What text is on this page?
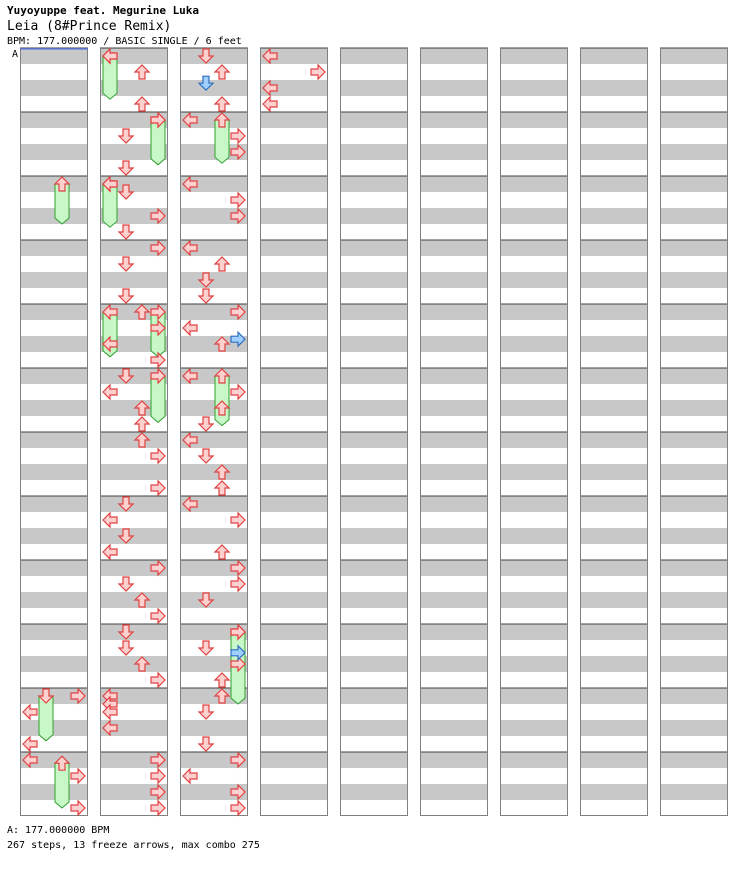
Yuyoyuppe feat. Megurine Luka
Leia (8#Prince Remix)
BPM: 177.000000 / BASIC SINGLE / 6 feet
A
A: 177.000000 BPM
267 steps, 13 freeze arrows, max combo 275
